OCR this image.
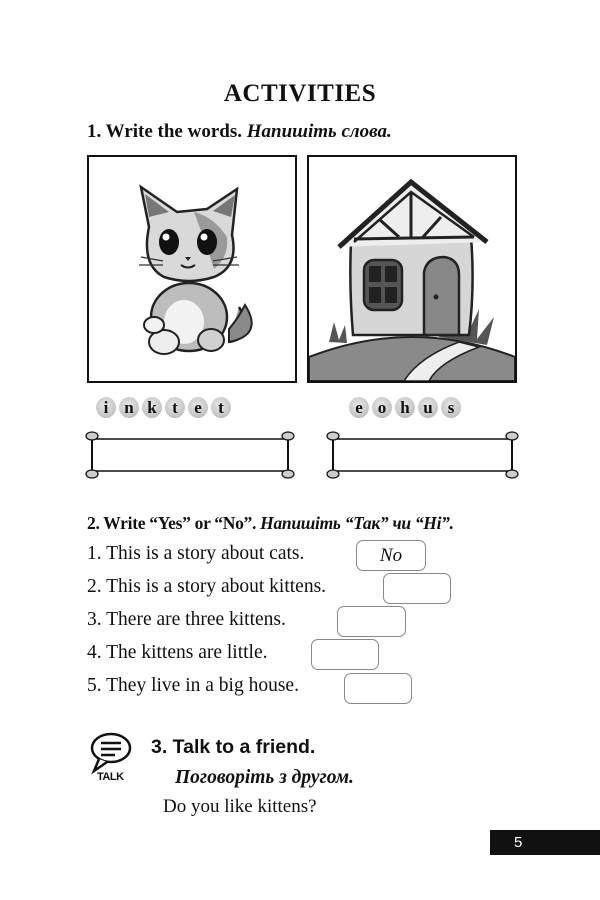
ACTIVITIES
1. Write the words. Напишіть слова.
i n k t e t	e o h u s
2. Write “Yes” or “No”. Напишіть “Так” чи “Ні”.
1. This is a story about cats.	No
2. This is a story about kittens.
3. There are three kittens.
4. The kittens are little.
5. They live in a big house.
TALK
3. Talk to a friend.
Поговоріть з другом.
Do you like kittens?
5
